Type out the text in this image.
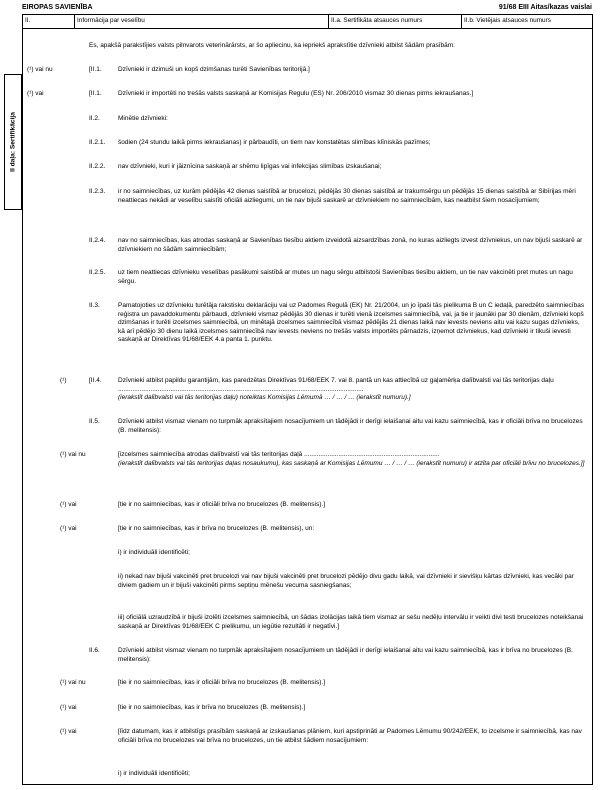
EIROPAS SAVIENĪBA	91/68 EIII Aitas/kazas vaislai
II.	Informācija par veselību	II.a. Sertifikāta atsauces numurs	II.b. Vietējais atsauces numurs
II daļa: Sertifikācija
Es, apakšā parakstījies valsts pilnvarots veterinārārsts, ar šo apliecinu, ka iepriekš aprakstītie dzīvnieki atbilst šādām prasībām:
(¹) vai nu	[II.1.	Dzīvnieki ir dzimuši un kopš dzimšanas turēti Savienības teritorijā.]
(¹) vai	[II.1.	Dzīvnieki ir importēti no trešās valsts saskaņā ar Komisijas Regulu (ES) Nr. 206/2010 vismaz 30 dienas pirms iekraušanas.]
II.2.	Minētie dzīvnieki:
II.2.1. šodien (24 stundu laikā pirms iekraušanas) ir pārbaudīti, un tiem nav konstatētas slimības klīniskās pazīmes;
II.2.2. nav dzīvnieki, kuri ir jāiznīcina saskaņā ar shēmu lipīgas vai infekcijas slimības izskaušanai;
II.2.3. ir no saimniecības, uz kurām pēdējās 42 dienas saistībā ar brucelozi, pēdējās 30 dienas saistībā ar trakumsērgu un pēdējās 15 dienas saistībā ar Sibīrijas mēri neattiecas nekādi ar veselību saistīti oficiāli aizliegumi, un tie nav bijuši saskarē ar dzīvniekiem no saimniecībām, kas neatbilst šiem nosacījumiem;
II.2.4. nav no saimniecības, kas atrodas saskaņā ar Savienības tiesību aktiem izveidotā aizsardzības zonā, no kuras aizliegts izvest dzīvniekus, un nav bijuši saskarē ar dzīvniekiem no šādām saimniecībām;
II.2.5. uz tiem neattiecas dzīvnieku veselības pasākumi saistībā ar mutes un nagu sērgu atbilstoši Savienības tiesību aktiem, un tie nav vakcinēti pret mutes un nagu sērgu.
II.3.	Pamatojoties uz dzīvnieku turētāja rakstisku deklarāciju vai uz Padomes Regulā (EK) Nr. 21/2004, un jo īpaši tās pielikuma B un C iedaļā, paredzēto saimniecības reģistra un pavaddokumentu pārbaudi, dzīvnieki vismaz pēdējās 30 dienas ir turēti vienā izcelsmes saimniecībā, vai, ja tie ir jaunāki par 30 dienām, dzīvnieki kopš dzimšanas ir turēti izcelsmes saimniecībā, un minētajā izcelsmes saimniecībā vismaz pēdējās 21 dienas laikā nav ievests neviens aitu vai kazu sugas dzīvnieks, kā arī pēdējo 30 dienu laikā izcelsmes saimniecībā nav ievests neviens no trešās valsts importēts pārnadzis, izņemot dzīvniekus, kad dzīvnieki ir tikuši ievesti saskaņā ar Direktīvas 91/68/EEK 4.a panta 1. punktu.
(¹)	[II.4.	Dzīvnieki atbilst papildu garantijām, kas paredzētas Direktīvas 91/68/EEK 7. vai 8. pantā un kas attiecībā uz gaļamērķa dalībvalsti vai tās teritorijas daļu ........................................................................................................................................
(ierakstīt dalībvalsti vai tās teritorijas daļu) noteiktas Komisijas Lēmumā … / … / … (ierakstīt numuru).]
II.5.	Dzīvnieki atbilst vismaz vienam no turpmāk apraksītajiem nosacījumiem un tādējādi ir derīgi ielaišanai aitu vai kazu saimniecībā, kas ir oficiāli brīva no brucelozes (B. melitensis):
(¹) vai nu	[izcelsmes saimniecība atrodas dalībvalstī vai tās teritorijas daļā ...........................................................................
(ierakstīt dalībvalsts vai tās teritorijas daļas nosaukumu), kas saskaņā ar Komisijas Lēmumu … / … / … (ierakstīt numuru) ir atzīta par oficiāli brīvu no brucelozes.]]
(¹) vai	[tie ir no saimniecības, kas ir oficiāli brīva no brucelozes (B. melitensis).]
(¹) vai	[tie ir no saimniecības, kas ir brīva no brucelozes (B. melitensis), un:
i) ir individuāli identificēti;
ii) nekad nav bijuši vakcinēti pret brucelozi vai nav bijuši vakcinēti pret brucelozi pēdējo divu gadu laikā, vai dzīvnieki ir sievišķu kārtas dzīvnieki, kas vecāki par diviem gadiem un ir bijuši vakcinēti pirms septiņu mēnešu vecuma sasniegšanas;
iii) oficiālā uzraudzībā ir bijuši izolēti izcelsmes saimniecībā, un šādas izolācijas laikā tiem vismaz ar sešu nedēļu intervālu ir veikti divi testi brucelozes noteikšanai saskaņā ar Direktīvas 91/68/EEK C pielikumu, un iegūtie rezultāti ir negatīvi.]
II.6.	Dzīvnieki atbilst vismaz vienam no turpmāk apraksītajiem nosacījumiem un tādējādi ir derīgi ielaišanai aitu vai kazu saimniecībā, kas ir brīva no brucelozes (B. melitensis):
(¹) vai nu	[tie ir no saimniecības, kas ir oficiāli brīva no brucelozes (B. melitensis).]
(¹) vai	[tie ir no saimniecības, kas ir brīva no brucelozes (B. melitensis).]
(¹) vai	[līdz datumam, kas ir atbilstīgs prasībām saskaņā ar izskaušanas plāniem, kuri apstiprināti ar Padomes Lēmumu 90/242/EEK, to izcelsme ir saimniecībā, kas nav oficiāli brīva no brucelozes vai brīva no brucelozes, un tie atbilst šādiem nosacījumiem:
i) ir individuāli identificēti;
